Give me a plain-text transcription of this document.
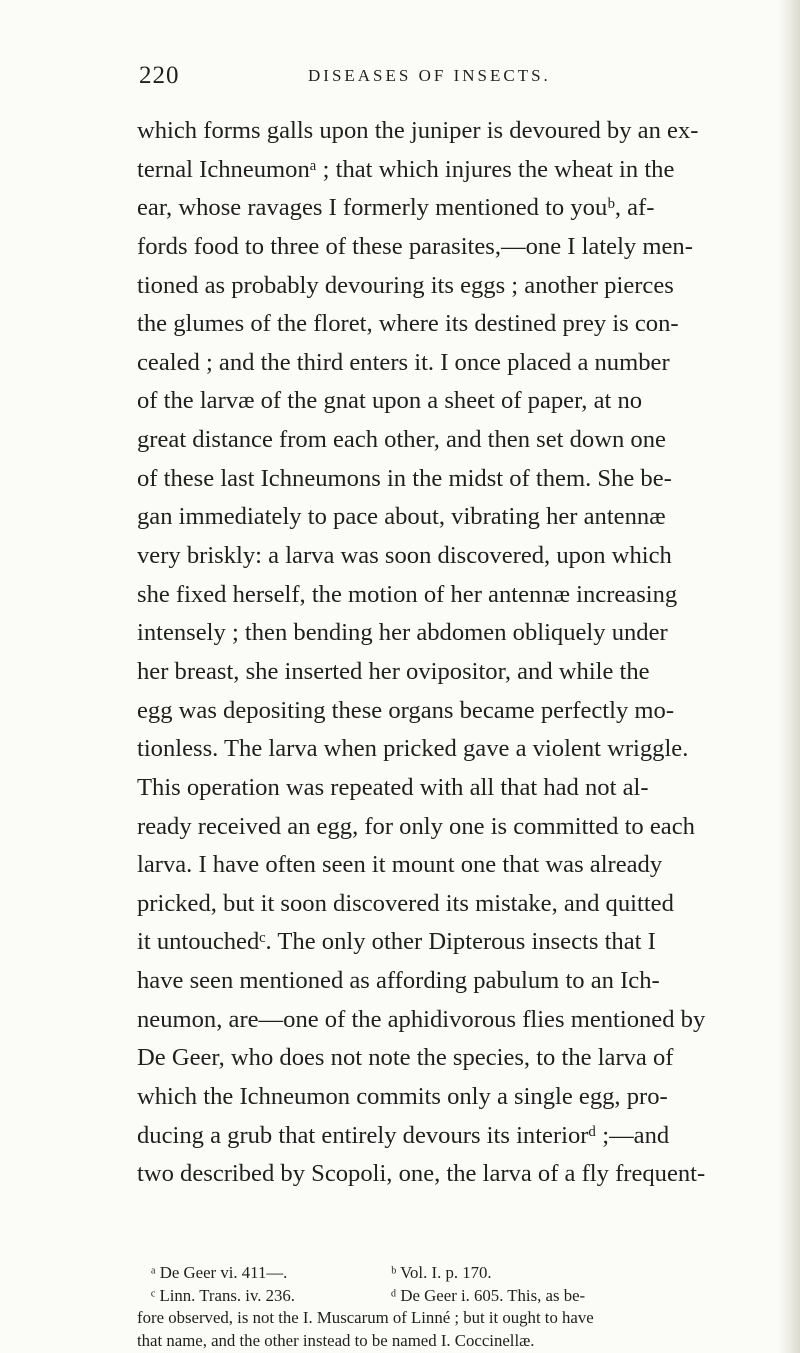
220	DISEASES OF INSECTS.
which forms galls upon the juniper is devoured by an ex-
ternal Ichneumonᵃ ; that which injures the wheat in the
ear, whose ravages I formerly mentioned to youᵇ, af-
fords food to three of these parasites,—one I lately men-
tioned as probably devouring its eggs ; another pierces
the glumes of the floret, where its destined prey is con-
cealed ; and the third enters it. I once placed a number
of the larvæ of the gnat upon a sheet of paper, at no
great distance from each other, and then set down one
of these last Ichneumons in the midst of them. She be-
gan immediately to pace about, vibrating her antennæ
very briskly: a larva was soon discovered, upon which
she fixed herself, the motion of her antennæ increasing
intensely ; then bending her abdomen obliquely under
her breast, she inserted her ovipositor, and while the
egg was depositing these organs became perfectly mo-
tionless. The larva when pricked gave a violent wriggle.
This operation was repeated with all that had not al-
ready received an egg, for only one is committed to each
larva. I have often seen it mount one that was already
pricked, but it soon discovered its mistake, and quitted
it untouchedᶜ. The only other Dipterous insects that I
have seen mentioned as affording pabulum to an Ich-
neumon, are—one of the aphidivorous flies mentioned by
De Geer, who does not note the species, to the larva of
which the Ichneumon commits only a single egg, pro-
ducing a grub that entirely devours its interiorᵈ ;—and
two described by Scopoli, one, the larva of a fly frequent-
ᵃ De Geer vi. 411—.	ᵇ Vol. I. p. 170.
ᶜ Linn. Trans. iv. 236.	ᵈ De Geer i. 605. This, as be-
fore observed, is not the I. Muscarum of Linné ; but it ought to have
that name, and the other instead to be named I. Coccinellæ.
